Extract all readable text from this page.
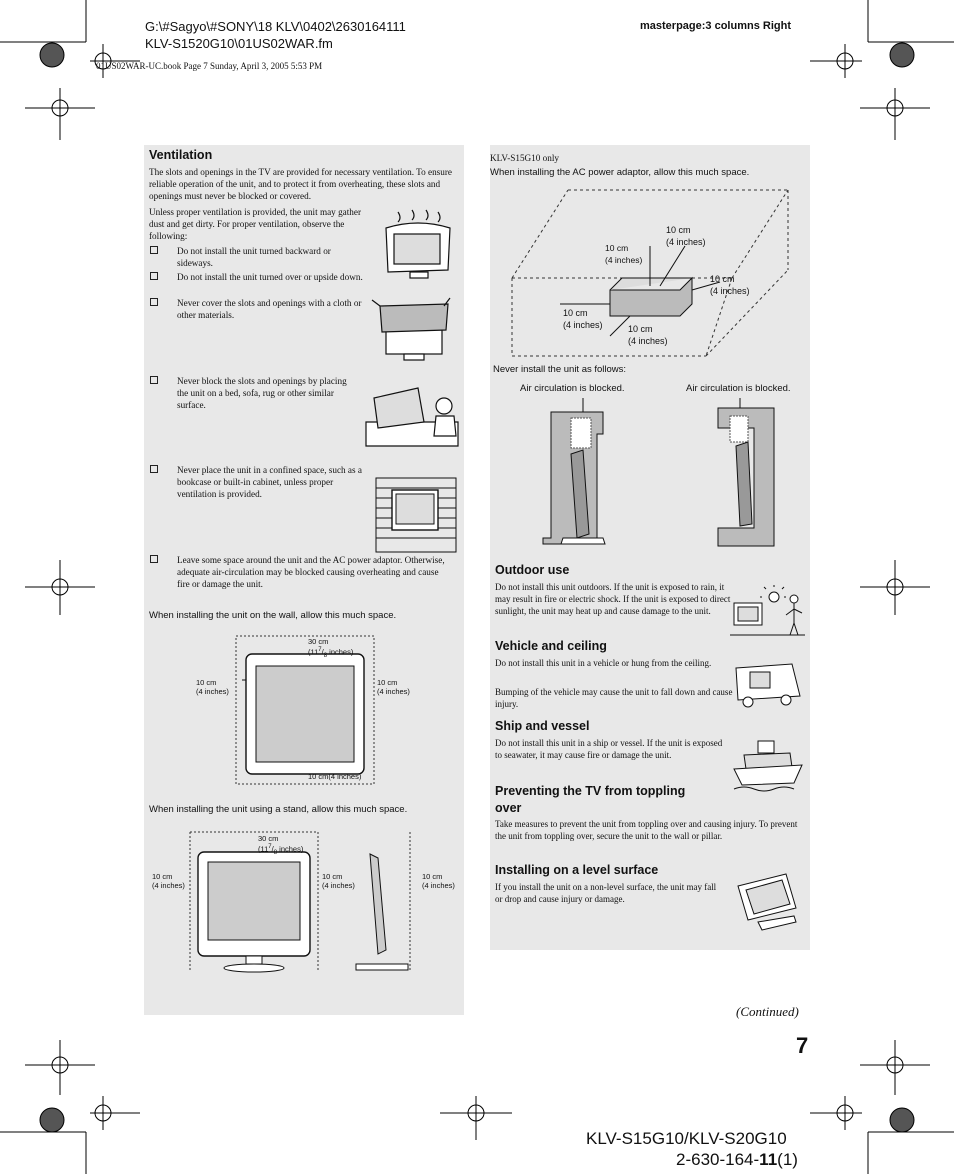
G:\#Sagyo\#SONY\18 KLV\0402\2630164111
KLV-S1520G10\01US02WAR.fm
01US02WAR-UC.book Page 7 Sunday, April 3, 2005 5:53 PM
masterpage:3 columns Right
Ventilation

The slots and openings in the TV are provided for necessary ventilation. To ensure reliable operation of the unit, and to protect it from overheating, these slots and openings must never be blocked or covered.

Unless proper ventilation is provided, the unit may gather dust and get dirty. For proper ventilation, observe the following:

Do not install the unit turned backward or sideways.
Do not install the unit turned over or upside down.
Never cover the slots and openings with a cloth or other materials.
Never block the slots and openings by placing the unit on a bed, sofa, rug or other similar surface.
Never place the unit in a confined space, such as a bookcase or built-in cabinet, unless proper ventilation is provided.
Leave some space around the unit and the AC power adaptor. Otherwise, adequate air-circulation may be blocked causing overheating and cause fire or damage the unit.
When installing the unit on the wall, allow this much space.
30 cm
($11^7/_8$ inches)
10 cm
(4 inches)
10 cm
(4 inches)
10 cm(4 inches)
When installing the unit using a stand, allow this much space.
30 cm
($11^7/_8$ inches)
10 cm
(4 inches)
10 cm
(4 inches)
10 cm
(4 inches)
KLV-S15G10 only
When installing the AC power adaptor, allow this much space.
10 cm
(4 inches)
10 cm
(4 inches)
10 cm
(4 inches)
10 cm
(4 inches)	10 cm
(4 inches)
Never install the unit as follows:
Air circulation is blocked.	Air circulation is blocked.
Outdoor use

Do not install this unit outdoors. If the unit is exposed to rain, it may result in fire or electric shock. If the unit is exposed to direct sunlight, the unit may heat up and cause damage to the unit.

Vehicle and ceiling

Do not install this unit in a vehicle or hung from the ceiling.

Bumping of the vehicle may cause the unit to fall down and cause injury.

Ship and vessel

Do not install this unit in a ship or vessel. If the unit is exposed to seawater, it may cause fire or damage the unit.

Preventing the TV from toppling
over

Take measures to prevent the unit from toppling over and causing injury. To prevent the unit from toppling over, secure the unit to the wall or pillar.

Installing on a level surface

If you install the unit on a non-level surface, the unit may fall or drop and cause injury or damage.

(Continued)
7
KLV-S15G10/KLV-S20G10
2-630-164-11(1)
